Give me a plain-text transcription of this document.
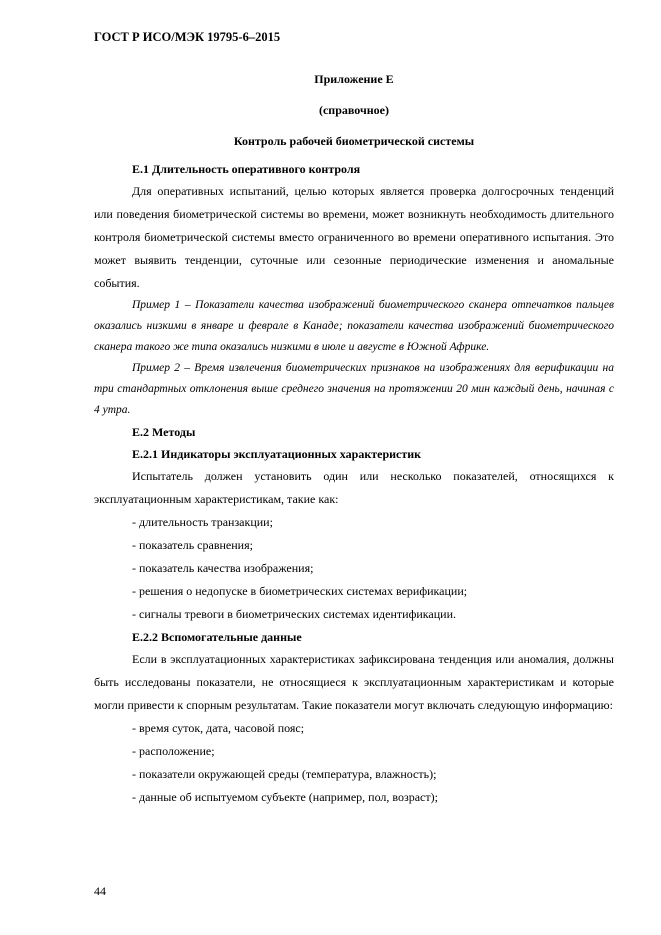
ГОСТ Р ИСО/МЭК 19795-6–2015
Приложение Е
(справочное)
Контроль рабочей биометрической системы

Е.1 Длительность оперативного контроля

Для оперативных испытаний, целью которых является проверка долгосрочных тенденций или поведения биометрической системы во времени, может возникнуть необходимость длительного контроля биометрической системы вместо ограниченного во времени оперативного испытания. Это может выявить тенденции, суточные или сезонные периодические изменения и аномальные события.

Пример 1 – Показатели качества изображений биометрического сканера отпечатков пальцев оказались низкими в январе и феврале в Канаде; показатели качества изображений биометрического сканера такого же типа оказались низкими в июле и августе в Южной Африке.

Пример 2 – Время извлечения биометрических признаков на изображениях для верификации на три стандартных отклонения выше среднего значения на протяжении 20 мин каждый день, начиная с 4 утра.

Е.2 Методы

Е.2.1 Индикаторы эксплуатационных характеристик

Испытатель должен установить один или несколько показателей, относящихся к эксплуатационным характеристикам, такие как:

- длительность транзакции;

- показатель сравнения;

- показатель качества изображения;

- решения о недопуске в биометрических системах верификации;

- сигналы тревоги в биометрических системах идентификации.

Е.2.2 Вспомогательные данные

Если в эксплуатационных характеристиках зафиксирована тенденция или аномалия, должны быть исследованы показатели, не относящиеся к эксплуатационным характеристикам и которые могли привести к спорным результатам. Такие показатели могут включать следующую информацию:

- время суток, дата, часовой пояс;

- расположение;

- показатели окружающей среды (температура, влажность);

- данные об испытуемом субъекте (например, пол, возраст);

44
